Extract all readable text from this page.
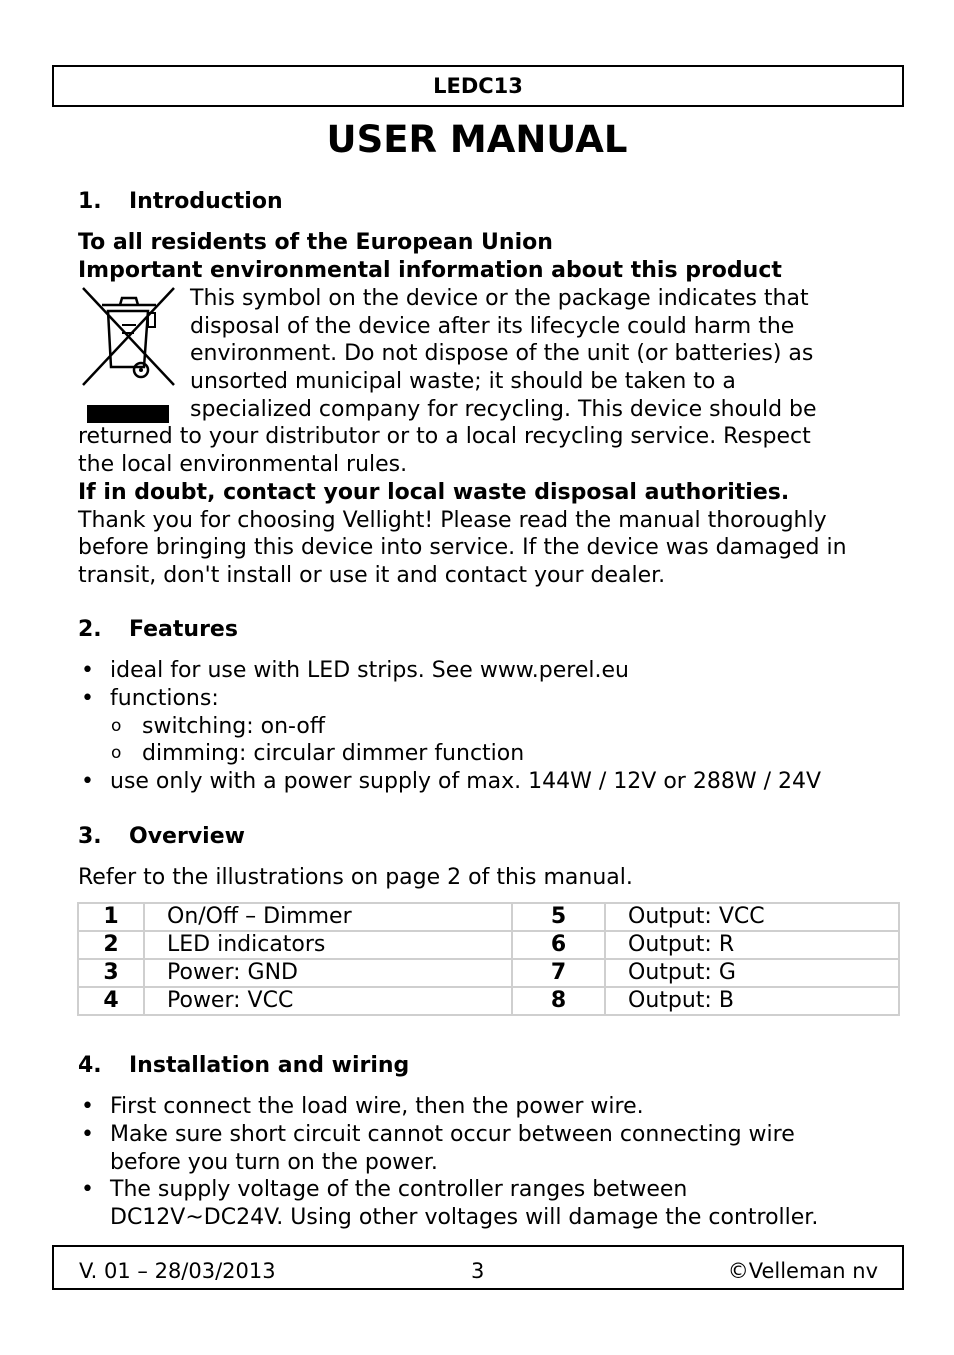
LEDC13
USER MANUAL
1. Introduction
To all residents of the European Union
Important environmental information about this product
This symbol on the device or the package indicates that
disposal of the device after its lifecycle could harm the
environment. Do not dispose of the unit (or batteries) as
unsorted municipal waste; it should be taken to a
specialized company for recycling. This device should be
returned to your distributor or to a local recycling service. Respect
the local environmental rules.
If in doubt, contact your local waste disposal authorities.
Thank you for choosing Vellight! Please read the manual thoroughly
before bringing this device into service. If the device was damaged in
transit, don't install or use it and contact your dealer.
2. Features
• ideal for use with LED strips. See www.perel.eu
• functions:
o switching: on-off
o dimming: circular dimmer function
• use only with a power supply of max. 144W / 12V or 288W / 24V
3. Overview
Refer to the illustrations on page 2 of this manual.
1	On/Off – Dimmer	5	Output: VCC
2	LED indicators	6	Output: R
3	Power: GND	7	Output: G
4	Power: VCC	8	Output: B
4. Installation and wiring
• First connect the load wire, then the power wire.
• Make sure short circuit cannot occur between connecting wire
before you turn on the power.
• The supply voltage of the controller ranges between
DC12V~DC24V. Using other voltages will damage the controller.
V. 01 – 28/03/2013	3	©Velleman nv
